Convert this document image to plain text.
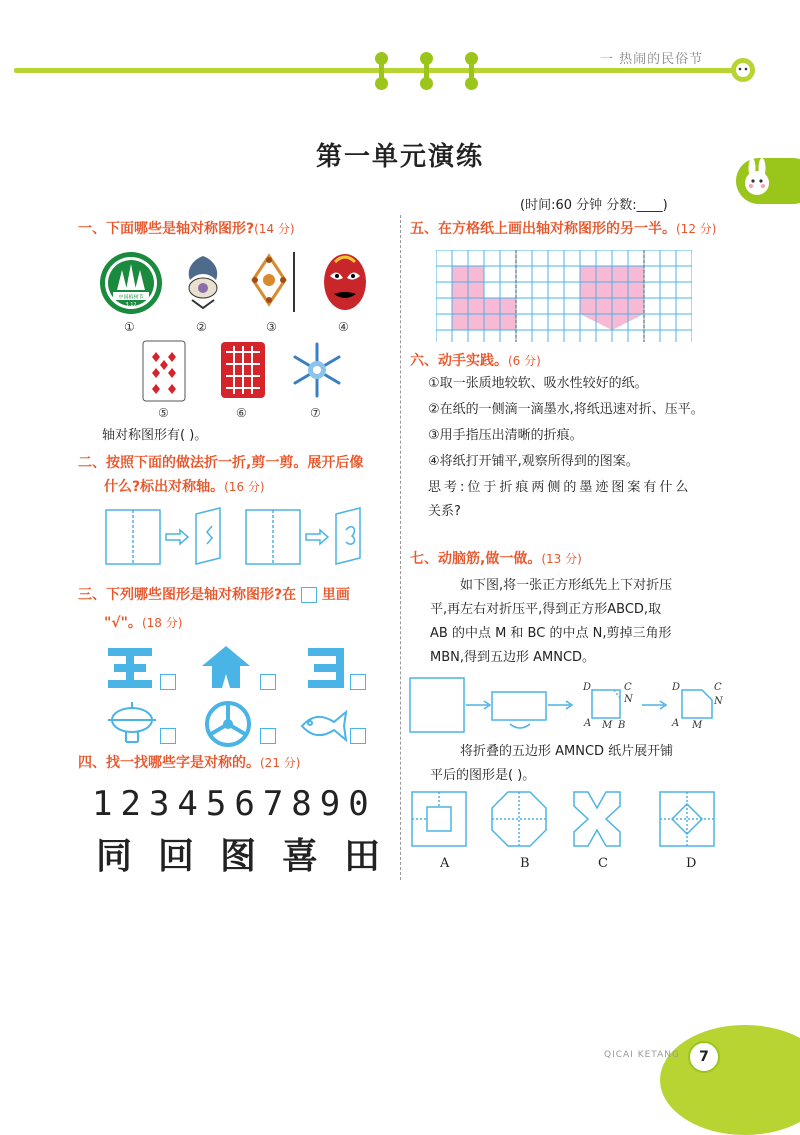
一 热闹的民俗节
第一单元演练
(时间:60 分钟 分数:____)
一、下面哪些是轴对称图形?(14 分)
中国植树节
3.12
①	②	③	④
⑤	⑥	⑦
轴对称图形有( )。
二、按照下面的做法折一折,剪一剪。展开后像
什么?标出对称轴。(16 分)
三、下列哪些图形是轴对称图形?在 里画
"√"。(18 分)
四、找一找哪些字是对称的。(21 分)
1234567890
同回图喜田
五、在方格纸上画出轴对称图形的另一半。(12 分)
六、动手实践。(6 分)
①取一张质地较软、吸水性较好的纸。
②在纸的一侧滴一滴墨水,将纸迅速对折、压平。
③用手指压出清晰的折痕。
④将纸打开铺平,观察所得到的图案。
思考:位于折痕两侧的墨迹图案有什么
关系?
七、动脑筋,做一做。(13 分)
如下图,将一张正方形纸先上下对折压
平,再左右对折压平,得到正方形ABCD,取
AB 的中点 M 和 BC 的中点 N,剪掉三角形
MBN,得到五边形 AMNCD。
D	C
N
A M B
D	C
N
A M
将折叠的五边形 AMNCD 纸片展开铺
平后的图形是( )。
A	B	C	D
QICAI KETANG	7
